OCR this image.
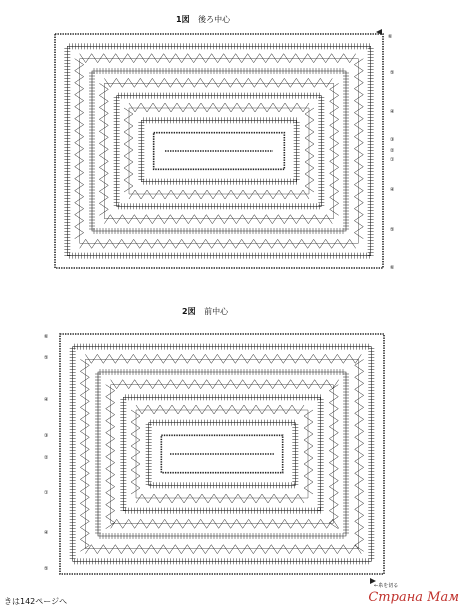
1図 後ろ中心
2図 前中心
⑥
⑤
④
③
②
①
④
⑤
⑥
⑥
⑤
④
③
②
①
④
⑤
←糸を切る
きは142ページへ	Страна Мам
